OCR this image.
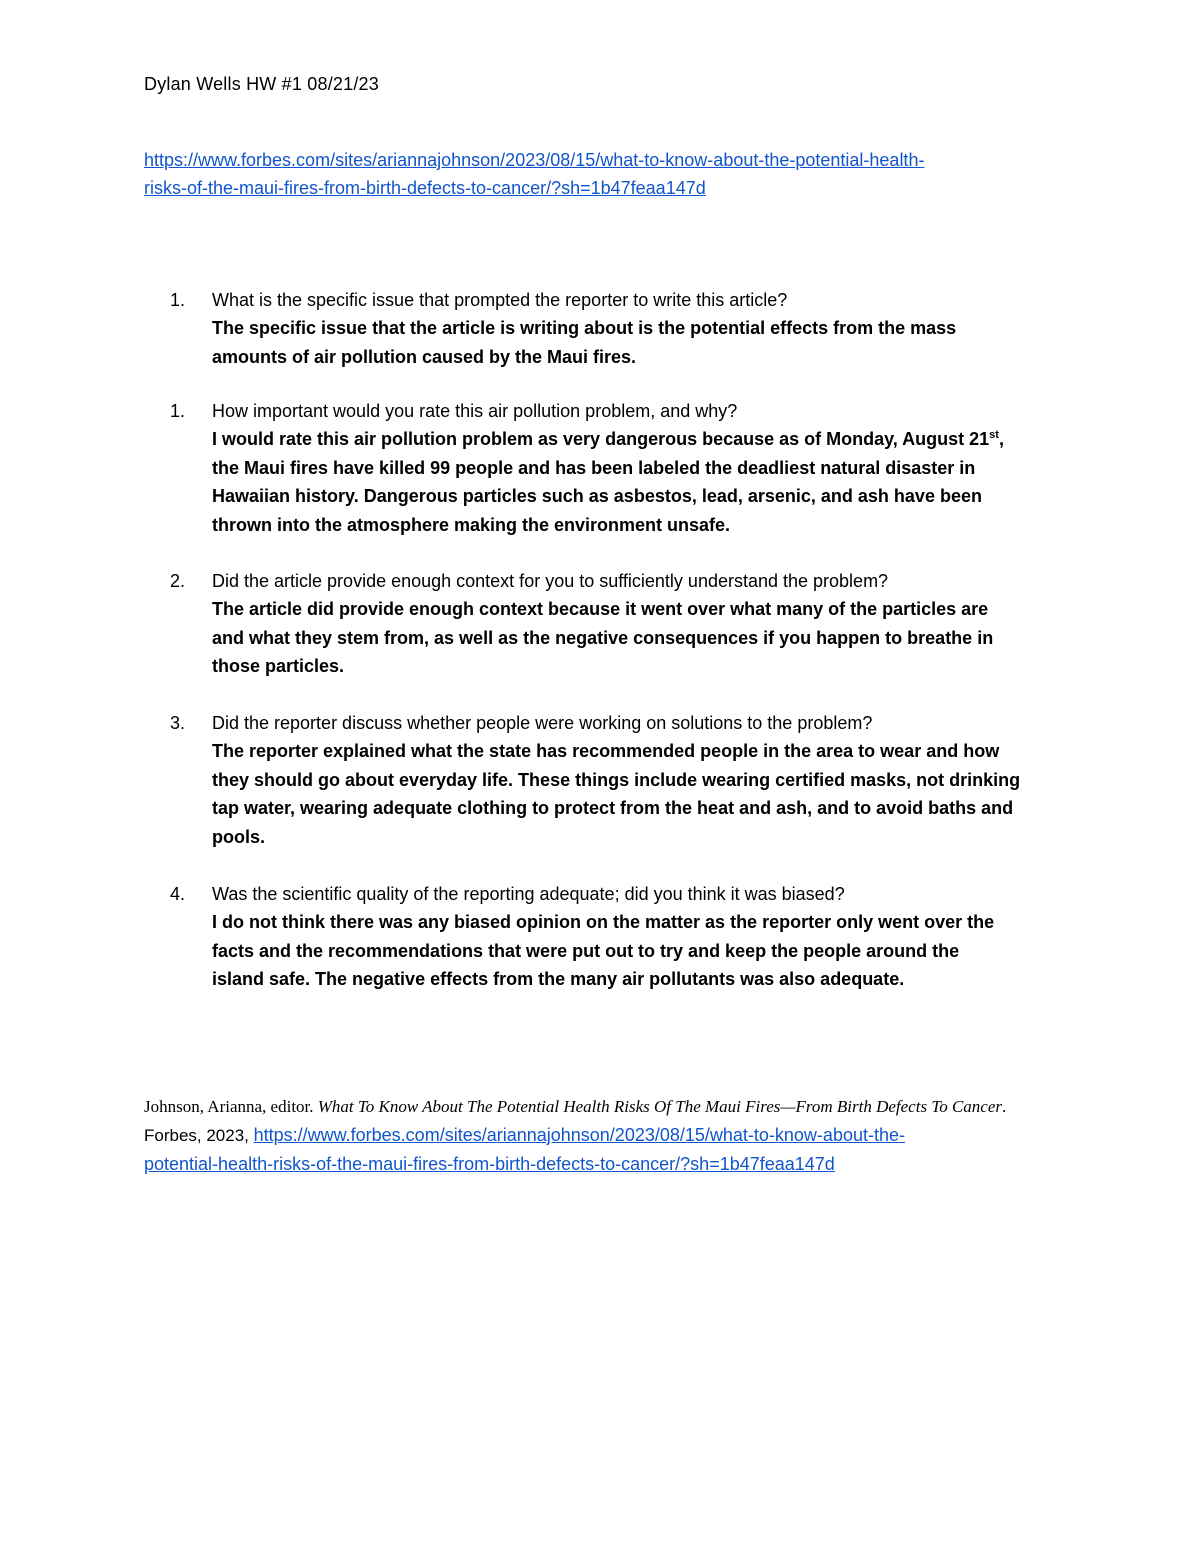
Dylan Wells HW #1 08/21/23
https://www.forbes.com/sites/ariannajohnson/2023/08/15/what-to-know-about-the-potential-health-
risks-of-the-maui-fires-from-birth-defects-to-cancer/?sh=1b47feaa147d
1. What is the specific issue that prompted the reporter to write this article?
The specific issue that the article is writing about is the potential effects from the mass
amounts of air pollution caused by the Maui fires.
1. How important would you rate this air pollution problem, and why?
I would rate this air pollution problem as very dangerous because as of Monday, August 21st,
the Maui fires have killed 99 people and has been labeled the deadliest natural disaster in
Hawaiian history. Dangerous particles such as asbestos, lead, arsenic, and ash have been
thrown into the atmosphere making the environment unsafe.
2. Did the article provide enough context for you to sufficiently understand the problem?
The article did provide enough context because it went over what many of the particles are
and what they stem from, as well as the negative consequences if you happen to breathe in
those particles.
3. Did the reporter discuss whether people were working on solutions to the problem?
The reporter explained what the state has recommended people in the area to wear and how
they should go about everyday life. These things include wearing certified masks, not drinking
tap water, wearing adequate clothing to protect from the heat and ash, and to avoid baths and
pools.
4. Was the scientific quality of the reporting adequate; did you think it was biased?
I do not think there was any biased opinion on the matter as the reporter only went over the
facts and the recommendations that were put out to try and keep the people around the
island safe. The negative effects from the many air pollutants was also adequate.
Johnson, Arianna, editor. What To Know About The Potential Health Risks Of The Maui Fires—From Birth Defects To Cancer.
Forbes, 2023, https://www.forbes.com/sites/ariannajohnson/2023/08/15/what-to-know-about-the-
potential-health-risks-of-the-maui-fires-from-birth-defects-to-cancer/?sh=1b47feaa147d
